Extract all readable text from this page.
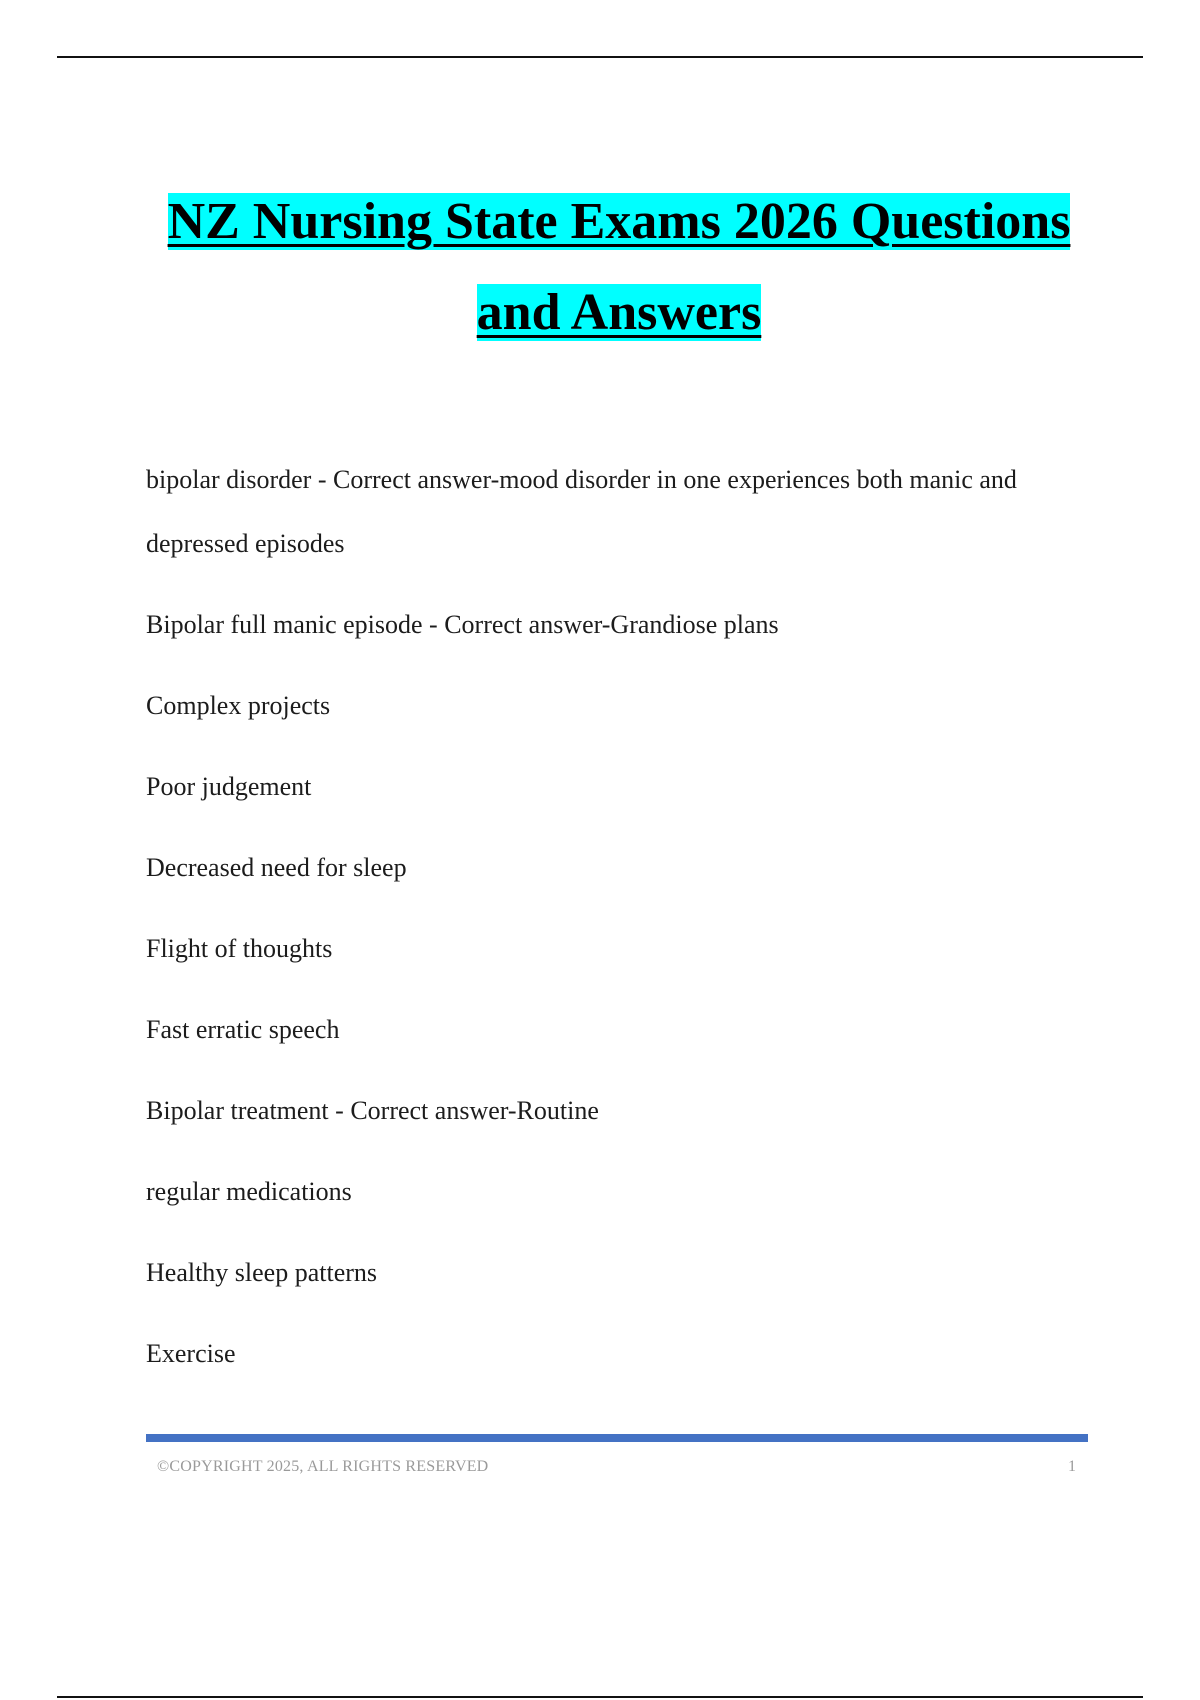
NZ Nursing State Exams 2026 Questions
and Answers

bipolar disorder - Correct answer-mood disorder in one experiences both manic and depressed episodes

Bipolar full manic episode - Correct answer-Grandiose plans

Complex projects

Poor judgement

Decreased need for sleep

Flight of thoughts

Fast erratic speech

Bipolar treatment - Correct answer-Routine

regular medications

Healthy sleep patterns

Exercise

©COPYRIGHT 2025, ALL RIGHTS RESERVED	1
